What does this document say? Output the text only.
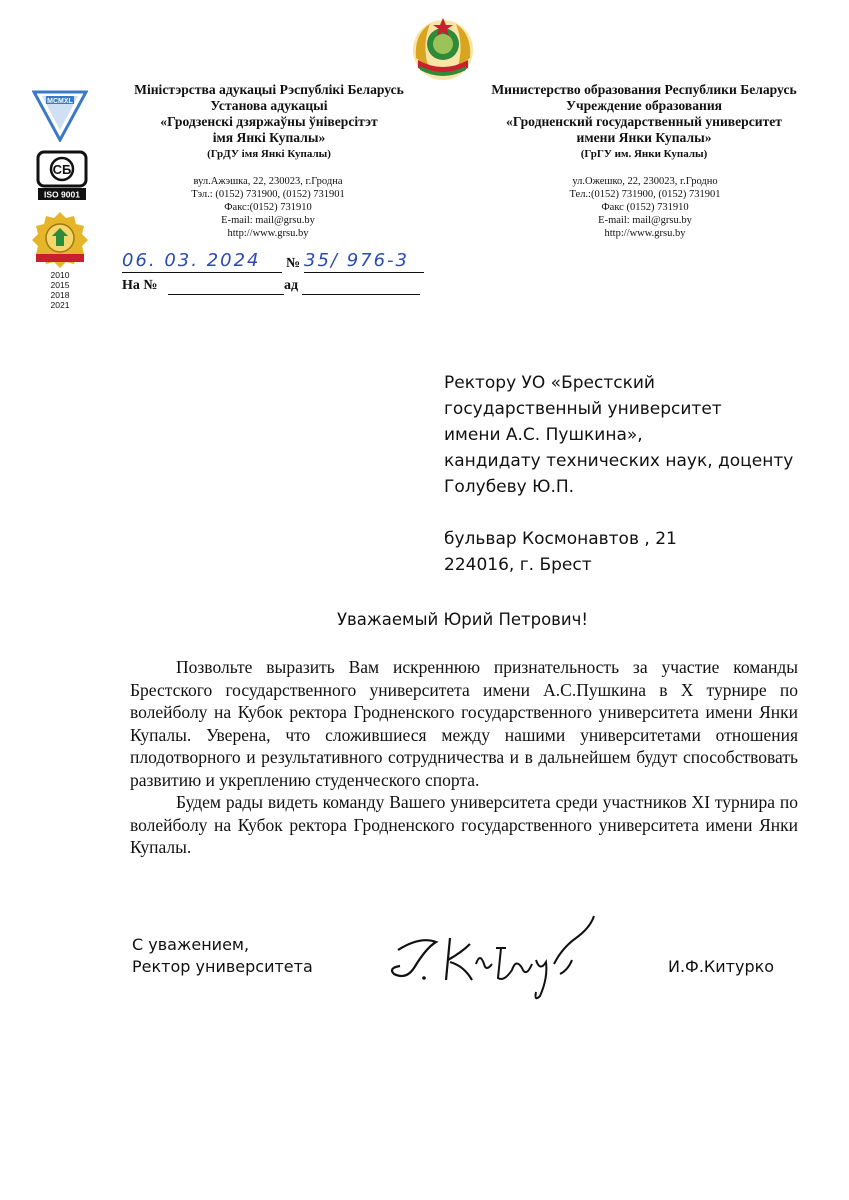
MCMXL
СБ
ISO 9001
2010
2015
2018
2021
Міністэрства адукацыі Рэспублікі Беларусь
Установа адукацыі
«Гродзенскі дзяржаўны ўніверсітэт
імя Янкі Купалы»
(ГрДУ імя Янкі Купалы)
вул.Ажэшка, 22, 230023, г.Гродна
Тэл.: (0152) 731900, (0152) 731901
Факс:(0152) 731910
E-mail: mail@grsu.by
http://www.grsu.by
Министерство образования Республики Беларусь
Учреждение образования
«Гродненский государственный университет
имени Янки Купалы»
(ГрГУ им. Янки Купалы)
ул.Ожешко, 22, 230023, г.Гродно
Тел.:(0152) 731900, (0152) 731901
Факс (0152) 731910
E-mail: mail@grsu.by
http://www.grsu.by
06. 03. 2024	№ 35/ 976-3
На №	ад
Ректору УО «Брестский
государственный университет
имени А.С. Пушкина»,
кандидату технических наук, доценту
Голубеву Ю.П.
бульвар Космонавтов , 21
224016, г. Брест
Уважаемый Юрий Петрович!

Позвольте выразить Вам искреннюю признательность за участие команды Брестского государственного университета имени А.С.Пушкина в X турнире по волейболу на Кубок ректора Гродненского государственного университета имени Янки Купалы. Уверена, что сложившиеся между нашими университетами отношения плодотворного и результативного сотрудничества и в дальнейшем будут способствовать развитию и укреплению студенческого спорта.

Будем рады видеть команду Вашего университета среди участников XI турнира по волейболу на Кубок ректора Гродненского государственного университета имени Янки Купалы.

С уважением,
Ректор университета	И.Ф.Китурко
